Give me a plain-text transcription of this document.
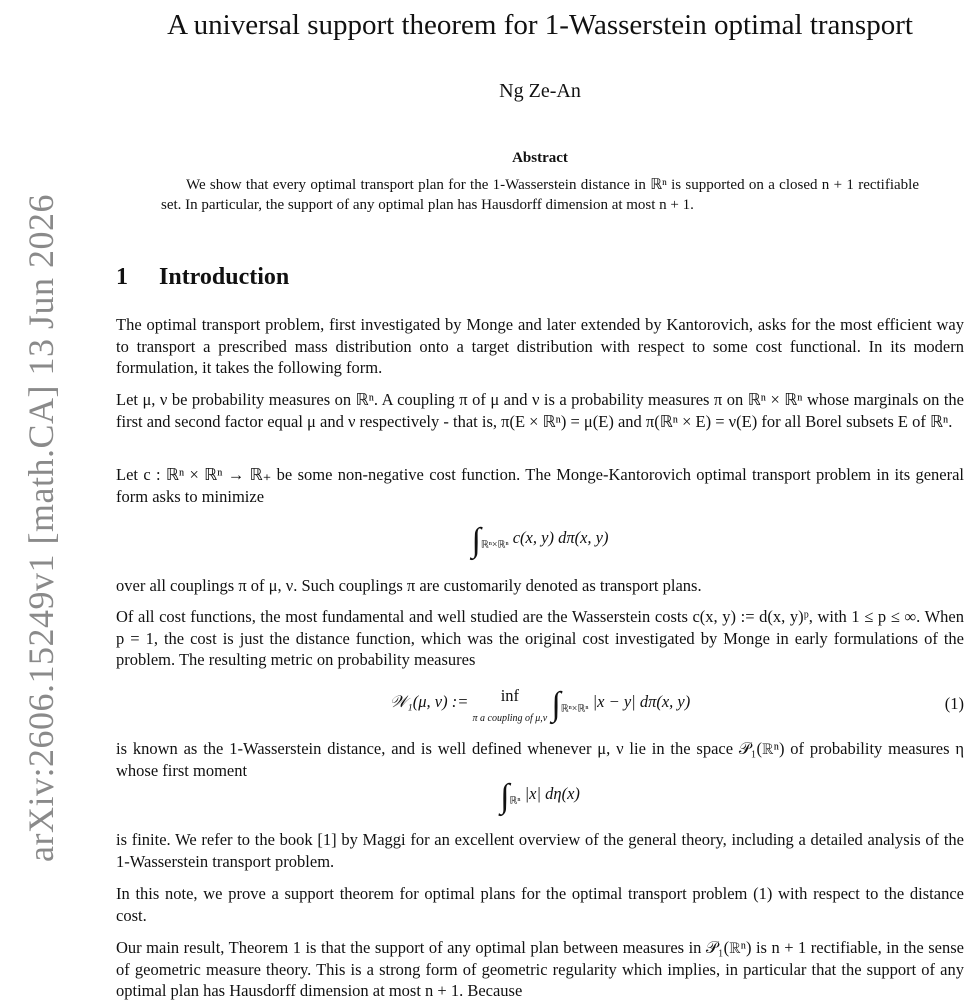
arXiv:2606.15249v1 [math.CA] 13 Jun 2026
A universal support theorem for 1-Wasserstein optimal transport
Ng Ze-An
Abstract

We show that every optimal transport plan for the 1-Wasserstein distance in ℝⁿ is supported on a closed n + 1 rectifiable set. In particular, the support of any optimal plan has Hausdorff dimension at most n + 1.

1 Introduction

The optimal transport problem, first investigated by Monge and later extended by Kantorovich, asks for the most efficient way to transport a prescribed mass distribution onto a target distribution with respect to some cost functional. In its modern formulation, it takes the following form.

Let μ, ν be probability measures on ℝⁿ. A coupling π of μ and ν is a probability measures π on ℝⁿ × ℝⁿ whose marginals on the first and second factor equal μ and ν respectively - that is, π(E × ℝⁿ) = μ(E) and π(ℝⁿ × E) = ν(E) for all Borel subsets E of ℝⁿ.

Let c : ℝⁿ × ℝⁿ → ℝ₊ be some non-negative cost function. The Monge-Kantorovich optimal transport problem in its general form asks to minimize

$\int_{ℝ^n\times ℝ^n}$ c(x, y) dπ(x, y)

over all couplings π of μ, ν. Such couplings π are customarily denoted as transport plans.

Of all cost functions, the most fundamental and well studied are the Wasserstein costs c(x, y) := d(x, y)ᵖ, with 1 ≤ p ≤ ∞. When p = 1, the cost is just the distance function, which was the original cost investigated by Monge in early formulations of the problem. The resulting metric on probability measures

𝒲₁(μ, ν) := inf
π a coupling of μ,ν $\int_{ℝ^n\times ℝ^n}$ |x − y| dπ(x, y)	(1)

is known as the 1-Wasserstein distance, and is well defined whenever μ, ν lie in the space 𝒫₁(ℝⁿ) of probability measures η whose first moment

$\int_{ℝ^n}$ |x| dη(x)

is finite. We refer to the book [1] by Maggi for an excellent overview of the general theory, including a detailed analysis of the 1-Wasserstein transport problem.

In this note, we prove a support theorem for optimal plans for the optimal transport problem (1) with respect to the distance cost.

Our main result, Theorem 1 is that the support of any optimal plan between measures in 𝒫₁(ℝⁿ) is n + 1 rectifiable, in the sense of geometric measure theory. This is a strong form of geometric regularity which implies, in particular that the support of any optimal plan has Hausdorff dimension at most n + 1. Because
